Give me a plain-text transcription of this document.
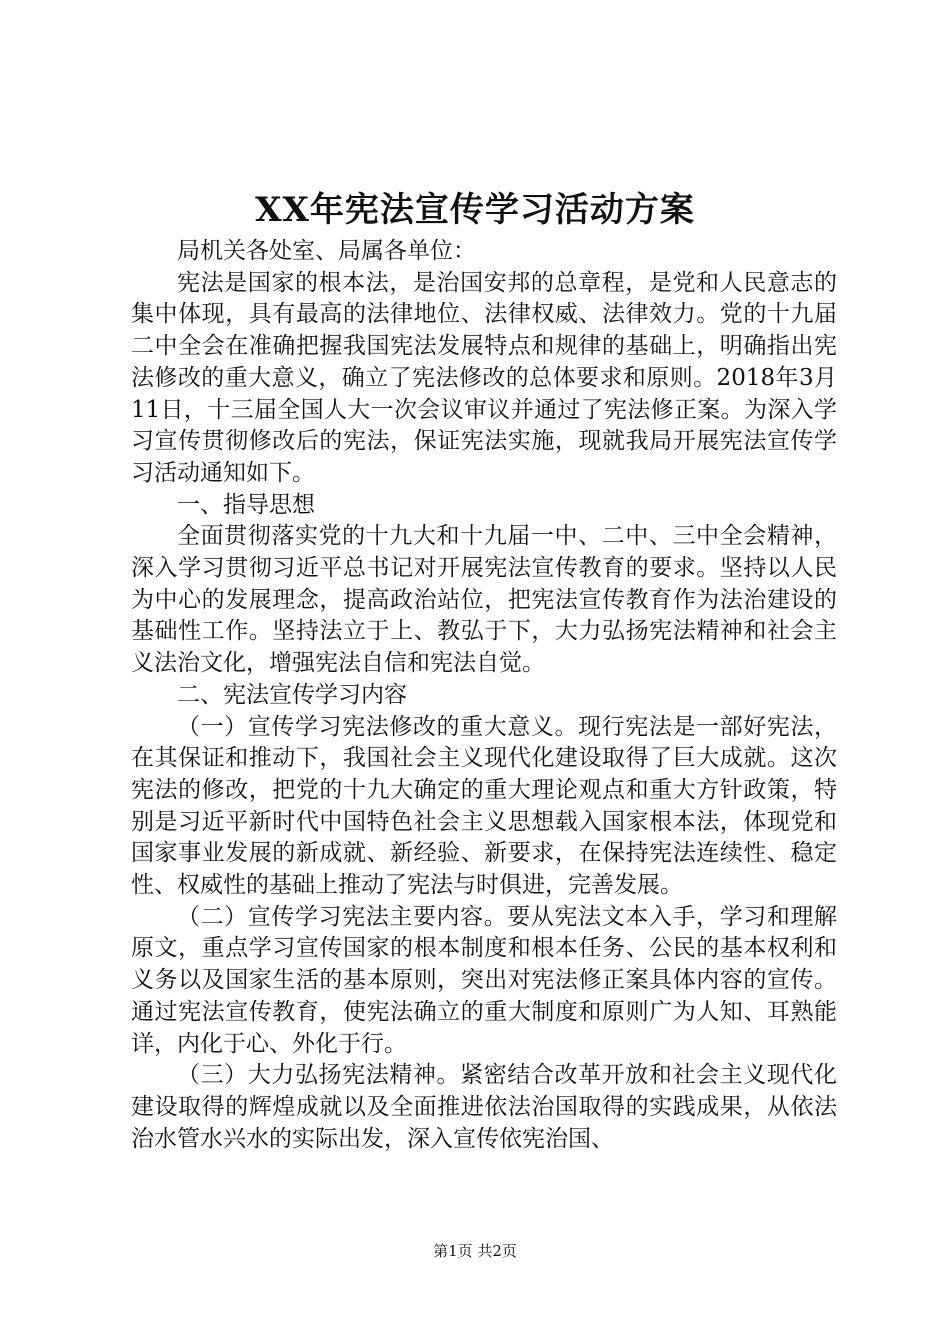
XX年宪法宣传学习活动方案

局机关各处室、局属各单位：

宪法是国家的根本法，是治国安邦的总章程，是党和人民意志的集中体现，具有最高的法律地位、法律权威、法律效力。党的十九届二中全会在准确把握我国宪法发展特点和规律的基础上，明确指出宪法修改的重大意义，确立了宪法修改的总体要求和原则。2018年3月11日，十三届全国人大一次会议审议并通过了宪法修正案。为深入学习宣传贯彻修改后的宪法，保证宪法实施，现就我局开展宪法宣传学习活动通知如下。

一、指导思想

全面贯彻落实党的十九大和十九届一中、二中、三中全会精神，深入学习贯彻习近平总书记对开展宪法宣传教育的要求。坚持以人民为中心的发展理念，提高政治站位，把宪法宣传教育作为法治建设的基础性工作。坚持法立于上、教弘于下，大力弘扬宪法精神和社会主义法治文化，增强宪法自信和宪法自觉。

二、宪法宣传学习内容

（一）宣传学习宪法修改的重大意义。现行宪法是一部好宪法，在其保证和推动下，我国社会主义现代化建设取得了巨大成就。这次宪法的修改，把党的十九大确定的重大理论观点和重大方针政策，特别是习近平新时代中国特色社会主义思想载入国家根本法，体现党和国家事业发展的新成就、新经验、新要求，在保持宪法连续性、稳定性、权威性的基础上推动了宪法与时俱进，完善发展。

（二）宣传学习宪法主要内容。要从宪法文本入手，学习和理解原文，重点学习宣传国家的根本制度和根本任务、公民的基本权利和义务以及国家生活的基本原则，突出对宪法修正案具体内容的宣传。通过宪法宣传教育，使宪法确立的重大制度和原则广为人知、耳熟能详，内化于心、外化于行。

（三）大力弘扬宪法精神。紧密结合改革开放和社会主义现代化建设取得的辉煌成就以及全面推进依法治国取得的实践成果，从依法治水管水兴水的实际出发，深入宣传依宪治国、

第1页 共2页
